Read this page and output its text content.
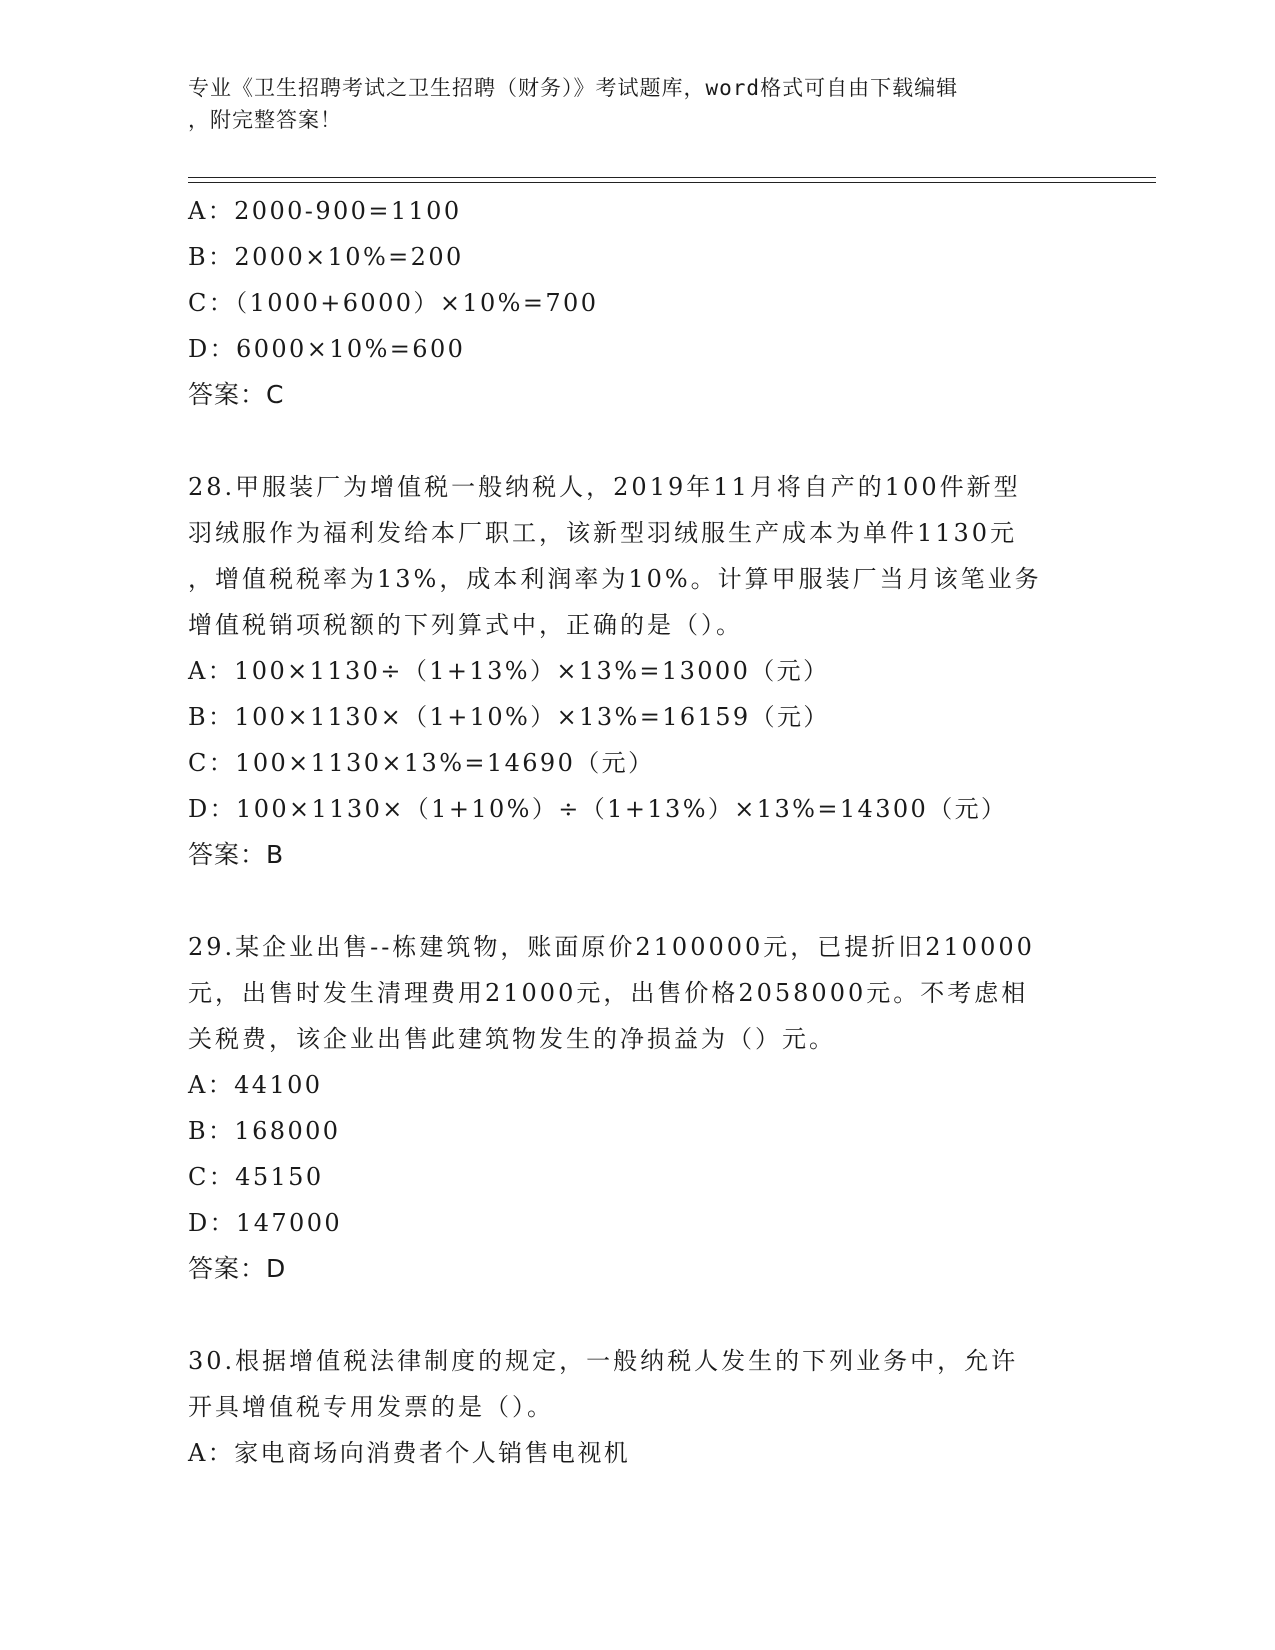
专业《卫生招聘考试之卫生招聘（财务）》考试题库，word格式可自由下载编辑
，附完整答案！
A：2000-900=1100
B：2000×10%=200
C：（1000+6000）×10%=700
D：6000×10%=600
答案：C
28.甲服装厂为增值税一般纳税人，2019年11月将自产的100件新型
羽绒服作为福利发给本厂职工，该新型羽绒服生产成本为单件1130元
，增值税税率为13%，成本利润率为10%。计算甲服装厂当月该笔业务
增值税销项税额的下列算式中，正确的是（）。
A：100×1130÷（1+13%）×13%=13000（元）
B：100×1130×（1+10%）×13%=16159（元）
C：100×1130×13%=14690（元）
D：100×1130×（1+10%）÷（1+13%）×13%=14300（元）
答案：B
29.某企业出售--栋建筑物，账面原价2100000元，已提折旧210000
元，出售时发生清理费用21000元，出售价格2058000元。不考虑相
关税费，该企业出售此建筑物发生的净损益为（）元。
A：44100
B：168000
C：45150
D：147000
答案：D
30.根据增值税法律制度的规定，一般纳税人发生的下列业务中，允许
开具增值税专用发票的是（）。
A：家电商场向消费者个人销售电视机
